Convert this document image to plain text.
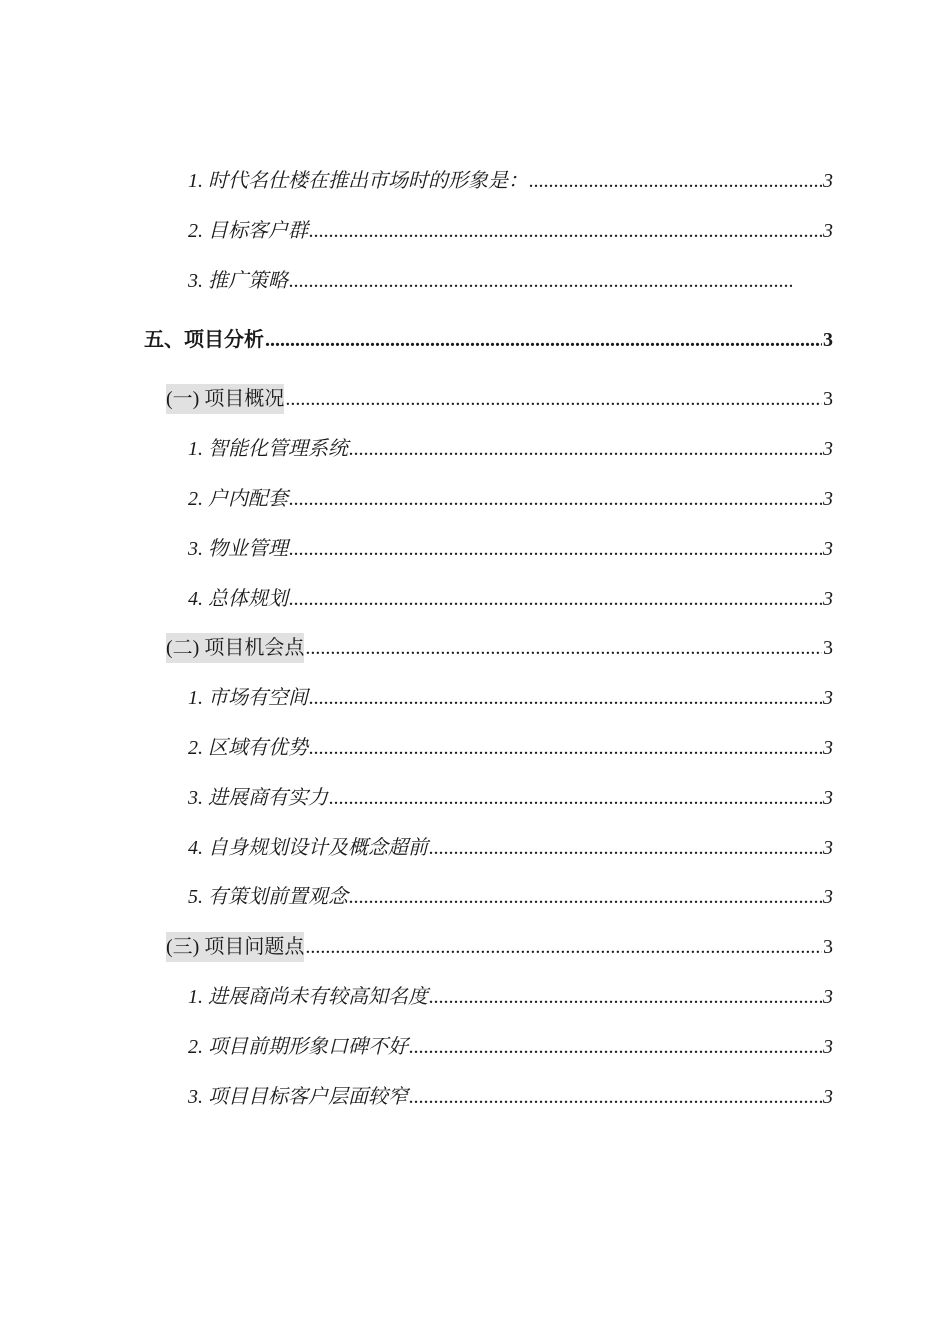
1. 时代名仕楼在推出市场时的形象是： .....	3
2. 目标客户群 .....	3
3. 推广策略
.....
五、项目分析 .....	3
(一) 项目概况 .....	3
1. 智能化管理系统 .....	3
2. 户内配套 .....	3
3. 物业管理 .....	3
4. 总体规划 .....	3
(二) 项目机会点 .....	3
1. 市场有空间 .....	3
2. 区域有优势 .....	3
3. 进展商有实力 .....	3
4. 自身规划设计及概念超前 .....	3
5. 有策划前置观念 .....	3
(三) 项目问题点 .....	3
1. 进展商尚未有较高知名度 .....	3
2. 项目前期形象口碑不好 .....	3
3. 项目目标客户层面较窄 .....	3
